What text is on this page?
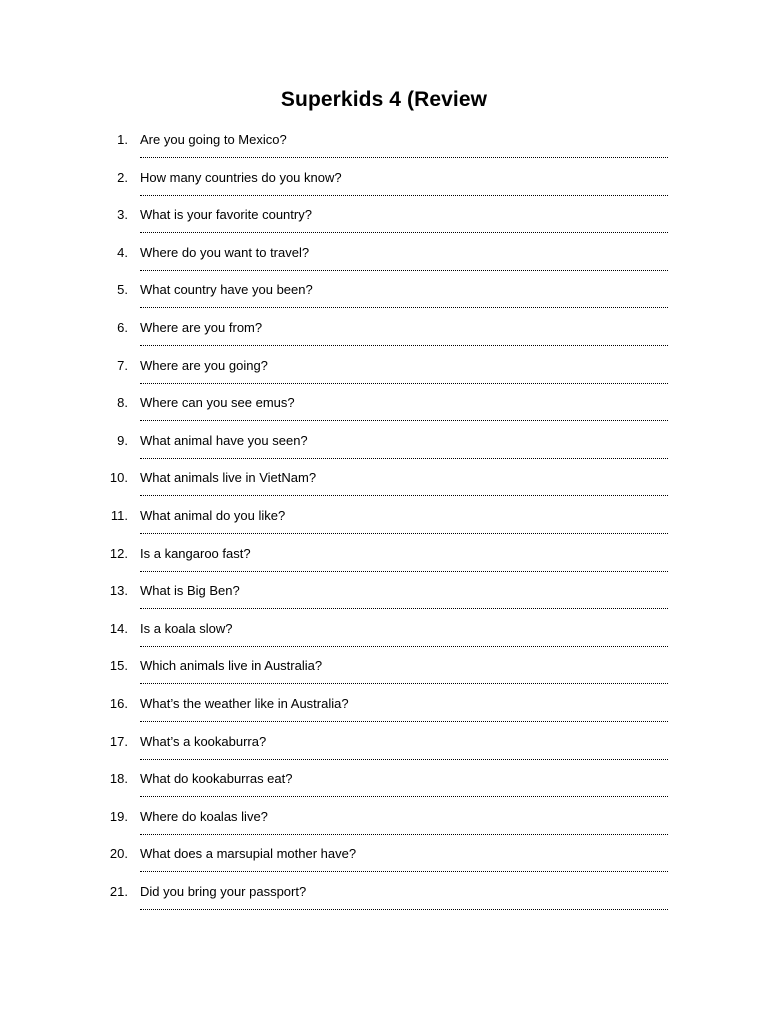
Superkids 4 (Review
1. Are you going to Mexico?
2. How many countries do you know?
3. What is your favorite country?
4. Where do you want to travel?
5. What country have you been?
6. Where are you from?
7. Where are you going?
8. Where can you see emus?
9. What animal have you seen?
10. What animals live in VietNam?
11. What animal do you like?
12. Is a kangaroo fast?
13. What is Big Ben?
14. Is a koala slow?
15. Which animals live in Australia?
16. What’s the weather like in Australia?
17. What’s a kookaburra?
18. What do kookaburras eat?
19. Where do koalas live?
20. What does a marsupial mother have?
21. Did you bring your passport?
